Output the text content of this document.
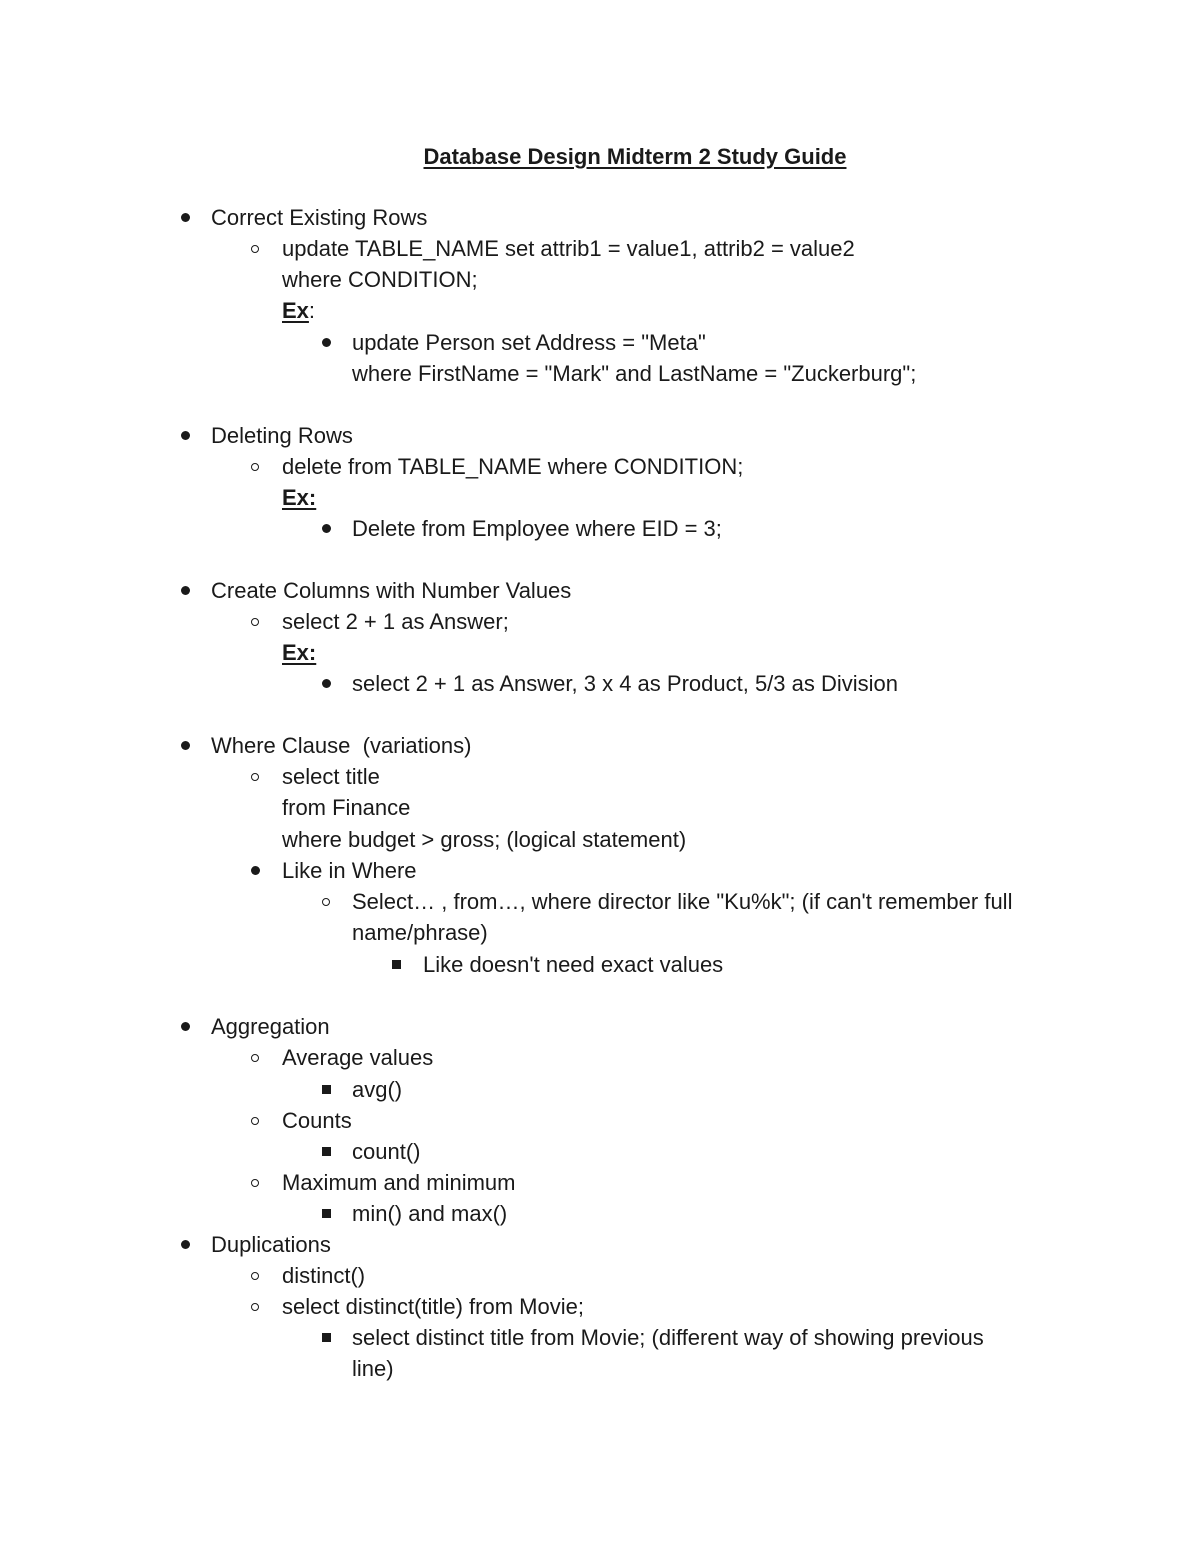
Database Design Midterm 2 Study Guide
Correct Existing Rows
update TABLE_NAME set attrib1 = value1, attrib2 = value2
where CONDITION;
Ex:
update Person set Address = "Meta"
where FirstName = "Mark" and LastName = "Zuckerburg";
Deleting Rows
delete from TABLE_NAME where CONDITION;
Ex:
Delete from Employee where EID = 3;
Create Columns with Number Values
select 2 + 1 as Answer;
Ex:
select 2 + 1 as Answer, 3 x 4 as Product, 5/3 as Division
Where Clause  (variations)
select title
from Finance
where budget > gross; (logical statement)
Like in Where
Select… , from…, where director like "Ku%k"; (if can't remember full
name/phrase)
Like doesn't need exact values
Aggregation
Average values
avg()
Counts
count()
Maximum and minimum
min() and max()
Duplications
distinct()
select distinct(title) from Movie;
select distinct title from Movie; (different way of showing previous
line)
